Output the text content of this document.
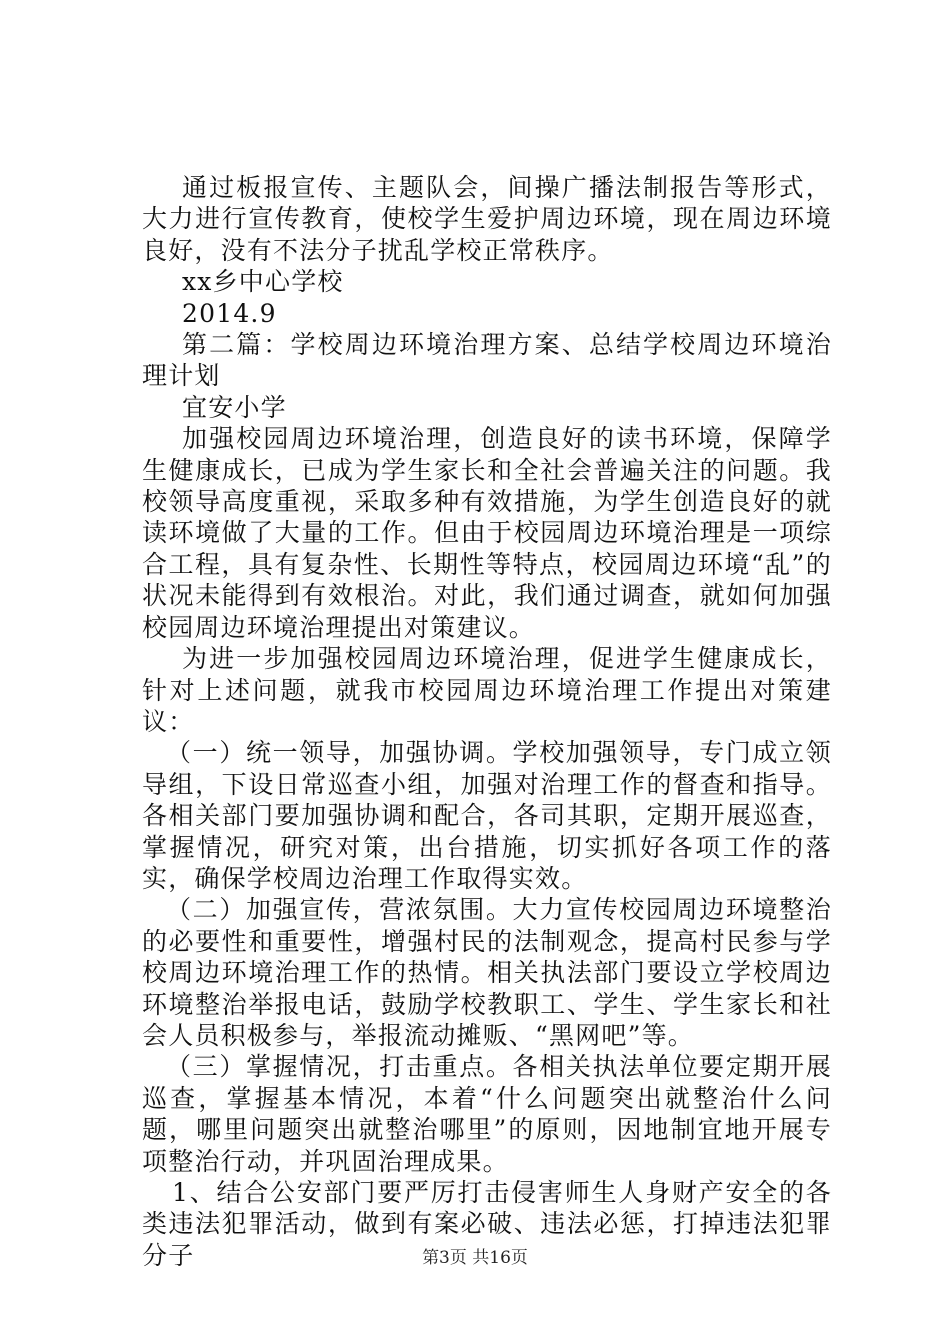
通过板报宣传、主题队会，间操广播法制报告等形式，大力进行宣传教育，使校学生爱护周边环境，现在周边环境良好，没有不法分子扰乱学校正常秩序。

xx乡中心学校

2014.9

第二篇：学校周边环境治理方案、总结学校周边环境治理计划

宜安小学

加强校园周边环境治理，创造良好的读书环境，保障学生健康成长，已成为学生家长和全社会普遍关注的问题。我校领导高度重视，采取多种有效措施，为学生创造良好的就读环境做了大量的工作。但由于校园周边环境治理是一项综合工程，具有复杂性、长期性等特点，校园周边环境“乱”的状况未能得到有效根治。对此，我们通过调查，就如何加强校园周边环境治理提出对策建议。

为进一步加强校园周边环境治理，促进学生健康成长，针对上述问题，就我市校园周边环境治理工作提出对策建议：

（一）统一领导，加强协调。学校加强领导，专门成立领导组，下设日常巡查小组，加强对治理工作的督查和指导。各相关部门要加强协调和配合，各司其职，定期开展巡查，掌握情况，研究对策，出台措施，切实抓好各项工作的落实，确保学校周边治理工作取得实效。

（二）加强宣传，营浓氛围。大力宣传校园周边环境整治的必要性和重要性，增强村民的法制观念，提高村民参与学校周边环境治理工作的热情。相关执法部门要设立学校周边环境整治举报电话，鼓励学校教职工、学生、学生家长和社会人员积极参与，举报流动摊贩、“黑网吧”等。

（三）掌握情况，打击重点。各相关执法单位要定期开展巡查，掌握基本情况，本着“什么问题突出就整治什么问题，哪里问题突出就整治哪里”的原则，因地制宜地开展专项整治行动，并巩固治理成果。

1、结合公安部门要严厉打击侵害师生人身财产安全的各类违法犯罪活动，做到有案必破、违法必惩，打掉违法犯罪分子	第3页 共16页
